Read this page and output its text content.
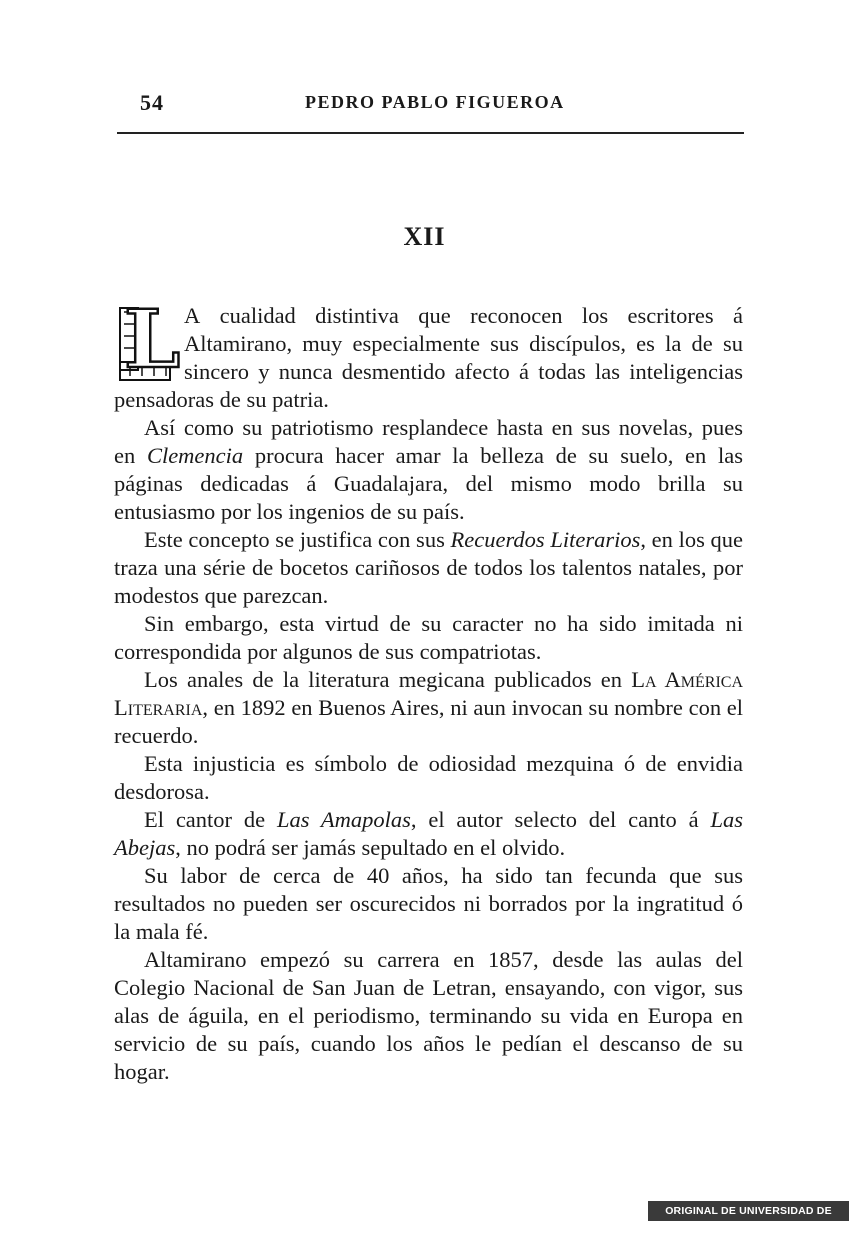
54	PEDRO PABLO FIGUEROA
XII

L A cualidad distintiva que reconocen los escritores á Altamirano, muy especialmente sus discípulos, es la de su sincero y nunca desmentido afecto á todas las inteligencias pensadoras de su patria.

Así como su patriotismo resplandece hasta en sus novelas, pues en Clemencia procura hacer amar la belleza de su suelo, en las páginas dedicadas á Guadalajara, del mismo modo brilla su entusiasmo por los ingenios de su país.

Este concepto se justifica con sus Recuerdos Literarios, en los que traza una série de bocetos cariñosos de todos los talentos natales, por modestos que parezcan.

Sin embargo, esta virtud de su caracter no ha sido imitada ni correspondida por algunos de sus compatriotas.

Los anales de la literatura megicana publicados en La América Literaria, en 1892 en Buenos Aires, ni aun invocan su nombre con el recuerdo.

Esta injusticia es símbolo de odiosidad mezquina ó de envidia desdorosa.

El cantor de Las Amapolas, el autor selecto del canto á Las Abejas, no podrá ser jamás sepultado en el olvido.

Su labor de cerca de 40 años, ha sido tan fecunda que sus resultados no pueden ser oscurecidos ni borrados por la ingratitud ó la mala fé.

Altamirano empezó su carrera en 1857, desde las aulas del Colegio Nacional de San Juan de Letran, ensayando, con vigor, sus alas de águila, en el periodismo, terminando su vida en Europa en servicio de su país, cuando los años le pedían el descanso de su hogar.

ORIGINAL DE UNIVERSIDAD DE CHILE
